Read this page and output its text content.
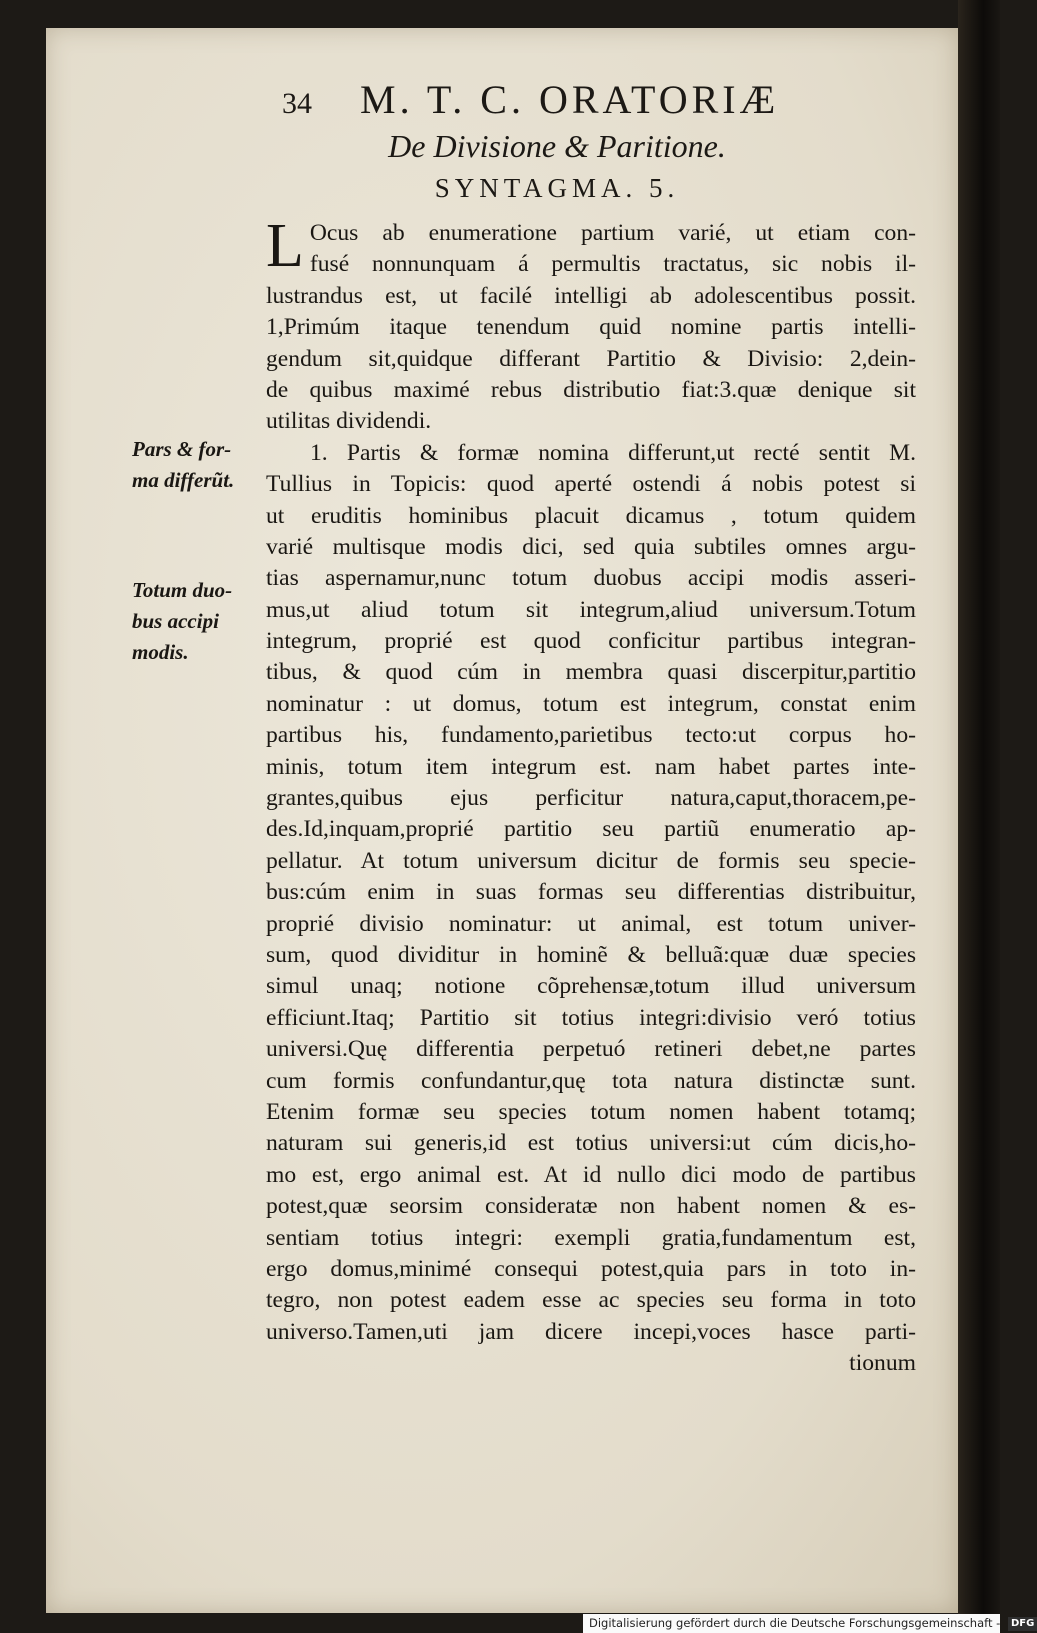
34 M. T. C. ORATORIÆ
De Divisione & Paritione.
SYNTAGMA. 5.
Pars & for-
ma differũt.
Totum duo-
bus accipi
modis.
L Ocus ab enumeratione partium varié, ut etiam con-
fusé nonnunquam á permultis tractatus, sic nobis il-
lustrandus est, ut facilé intelligi ab adolescentibus possit.
1,Primúm itaque tenendum quid nomine partis intelli-
gendum sit,quidque differant Partitio & Divisio: 2,dein-
de quibus maximé rebus distributio fiat:3.quæ denique sit
utilitas dividendi.
1. Partis & formæ nomina differunt,ut recté sentit M.
Tullius in Topicis: quod aperté ostendi á nobis potest si
ut eruditis hominibus placuit dicamus , totum quidem
varié multisque modis dici, sed quia subtiles omnes argu-
tias aspernamur,nunc totum duobus accipi modis asseri-
mus,ut aliud totum sit integrum,aliud universum.Totum
integrum, proprié est quod conficitur partibus integran-
tibus, & quod cúm in membra quasi discerpitur,partitio
nominatur : ut domus, totum est integrum, constat enim
partibus his, fundamento,parietibus tecto:ut corpus ho-
minis, totum item integrum est. nam habet partes inte-
grantes,quibus ejus perficitur natura,caput,thoracem,pe-
des.Id,inquam,proprié partitio seu partiũ enumeratio ap-
pellatur. At totum universum dicitur de formis seu specie-
bus:cúm enim in suas formas seu differentias distribuitur,
proprié divisio nominatur: ut animal, est totum univer-
sum, quod dividitur in hominẽ & belluã:quæ duæ species
simul unaq; notione cõprehensæ,totum illud universum
efficiunt.Itaq; Partitio sit totius integri:divisio veró totius
universi.Quę differentia perpetuó retineri debet,ne partes
cum formis confundantur,quę tota natura distinctæ sunt.
Etenim formæ seu species totum nomen habent totamq;
naturam sui generis,id est totius universi:ut cúm dicis,ho-
mo est, ergo animal est. At id nullo dici modo de partibus
potest,quæ seorsim consideratæ non habent nomen & es-
sentiam totius integri: exempli gratia,fundamentum est,
ergo domus,minimé consequi potest,quia pars in toto in-
tegro, non potest eadem esse ac species seu forma in toto
universo.Tamen,uti jam dicere incepi,voces hasce parti-
tionum
Digitalisierung gefördert durch die Deutsche Forschungsgemeinschaft - DFG
